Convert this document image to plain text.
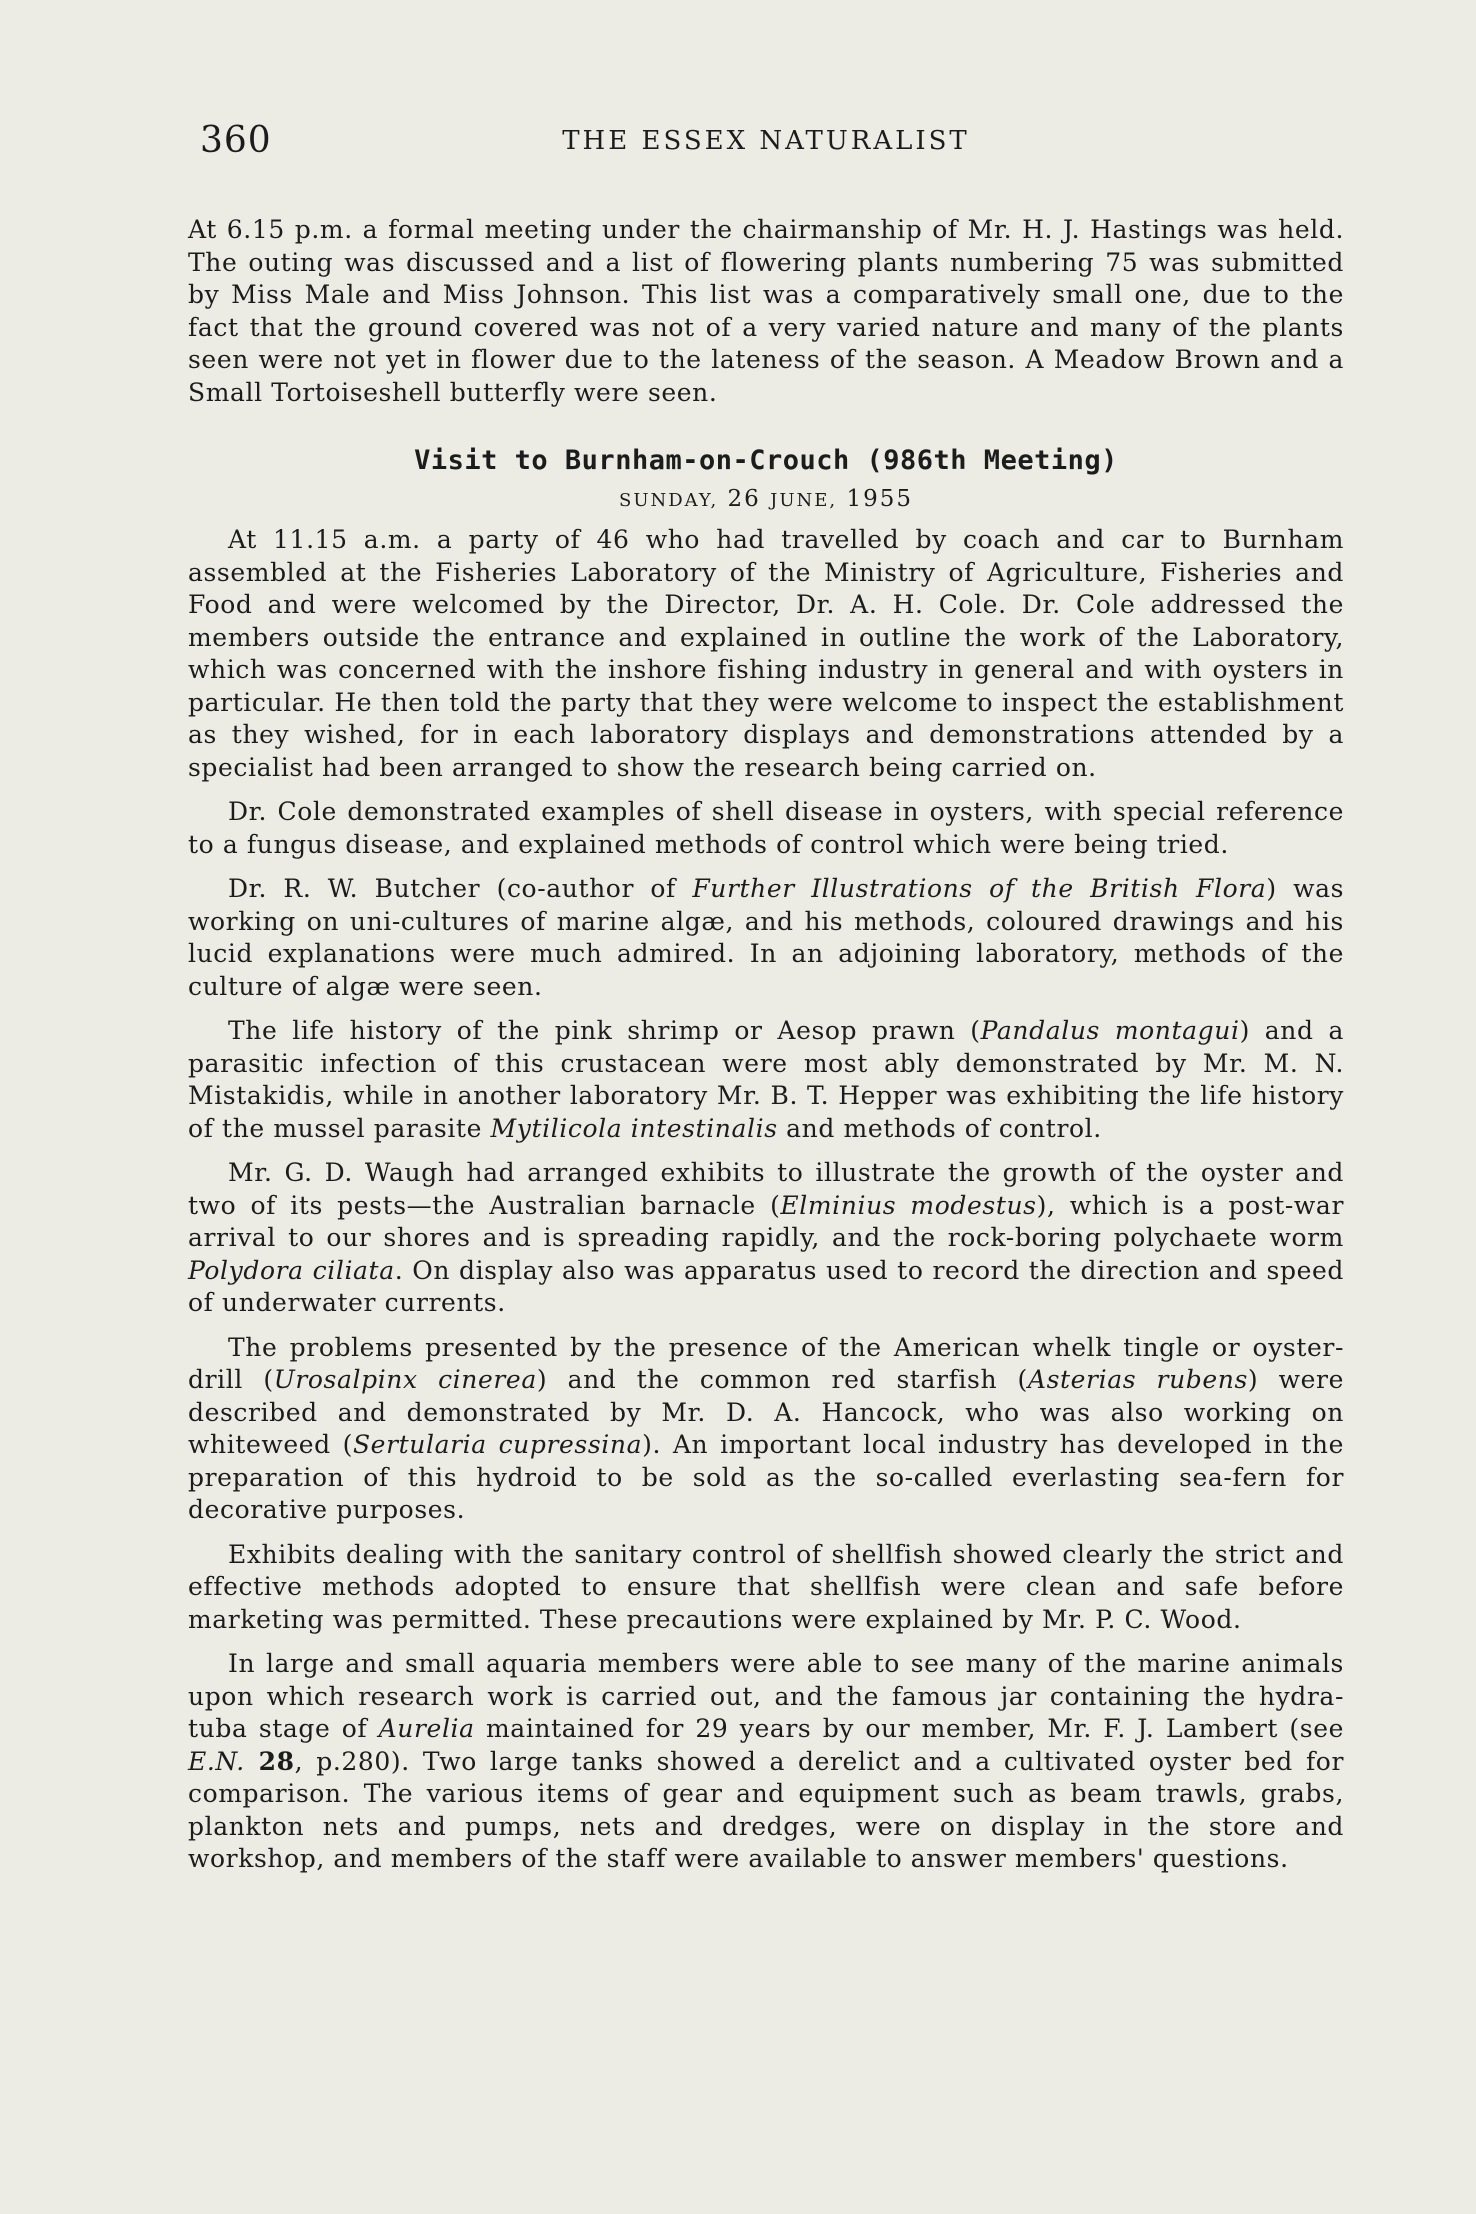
360	THE ESSEX NATURALIST

At 6.15 p.m. a formal meeting under the chairmanship of Mr. H. J. Hastings was held. The outing was discussed and a list of flowering plants numbering 75 was submitted by Miss Male and Miss Johnson. This list was a comparatively small one, due to the fact that the ground covered was not of a very varied nature and many of the plants seen were not yet in flower due to the lateness of the season. A Meadow Brown and a Small Tortoiseshell butterfly were seen.

Visit to Burnham-on-Crouch (986th Meeting)
SUNDAY, 26 JUNE, 1955

At 11.15 a.m. a party of 46 who had travelled by coach and car to Burnham assembled at the Fisheries Laboratory of the Ministry of Agriculture, Fisheries and Food and were welcomed by the Director, Dr. A. H. Cole. Dr. Cole addressed the members outside the entrance and explained in outline the work of the Laboratory, which was concerned with the inshore fishing industry in general and with oysters in particular. He then told the party that they were welcome to inspect the establishment as they wished, for in each laboratory displays and demonstrations attended by a specialist had been arranged to show the research being carried on.

Dr. Cole demonstrated examples of shell disease in oysters, with special reference to a fungus disease, and explained methods of control which were being tried.

Dr. R. W. Butcher (co-author of Further Illustrations of the British Flora) was working on uni-cultures of marine algæ, and his methods, coloured drawings and his lucid explanations were much admired. In an adjoining laboratory, methods of the culture of algæ were seen.

The life history of the pink shrimp or Aesop prawn (Pandalus montagui) and a parasitic infection of this crustacean were most ably demonstrated by Mr. M. N. Mistakidis, while in another laboratory Mr. B. T. Hepper was exhibiting the life history of the mussel parasite Mytilicola intestinalis and methods of control.

Mr. G. D. Waugh had arranged exhibits to illustrate the growth of the oyster and two of its pests—the Australian barnacle (Elminius modestus), which is a post-war arrival to our shores and is spreading rapidly, and the rock-boring polychaete worm Polydora ciliata. On display also was apparatus used to record the direction and speed of underwater currents.

The problems presented by the presence of the American whelk tingle or oyster-drill (Urosalpinx cinerea) and the common red starfish (Asterias rubens) were described and demonstrated by Mr. D. A. Hancock, who was also working on whiteweed (Sertularia cupressina). An important local industry has developed in the preparation of this hydroid to be sold as the so-called everlasting sea-fern for decorative purposes.

Exhibits dealing with the sanitary control of shellfish showed clearly the strict and effective methods adopted to ensure that shellfish were clean and safe before marketing was permitted. These precautions were explained by Mr. P. C. Wood.

In large and small aquaria members were able to see many of the marine animals upon which research work is carried out, and the famous jar containing the hydra-tuba stage of Aurelia maintained for 29 years by our member, Mr. F. J. Lambert (see E.N. 28, p.280). Two large tanks showed a derelict and a cultivated oyster bed for comparison. The various items of gear and equipment such as beam trawls, grabs, plankton nets and pumps, nets and dredges, were on display in the store and workshop, and members of the staff were available to answer members' questions.
